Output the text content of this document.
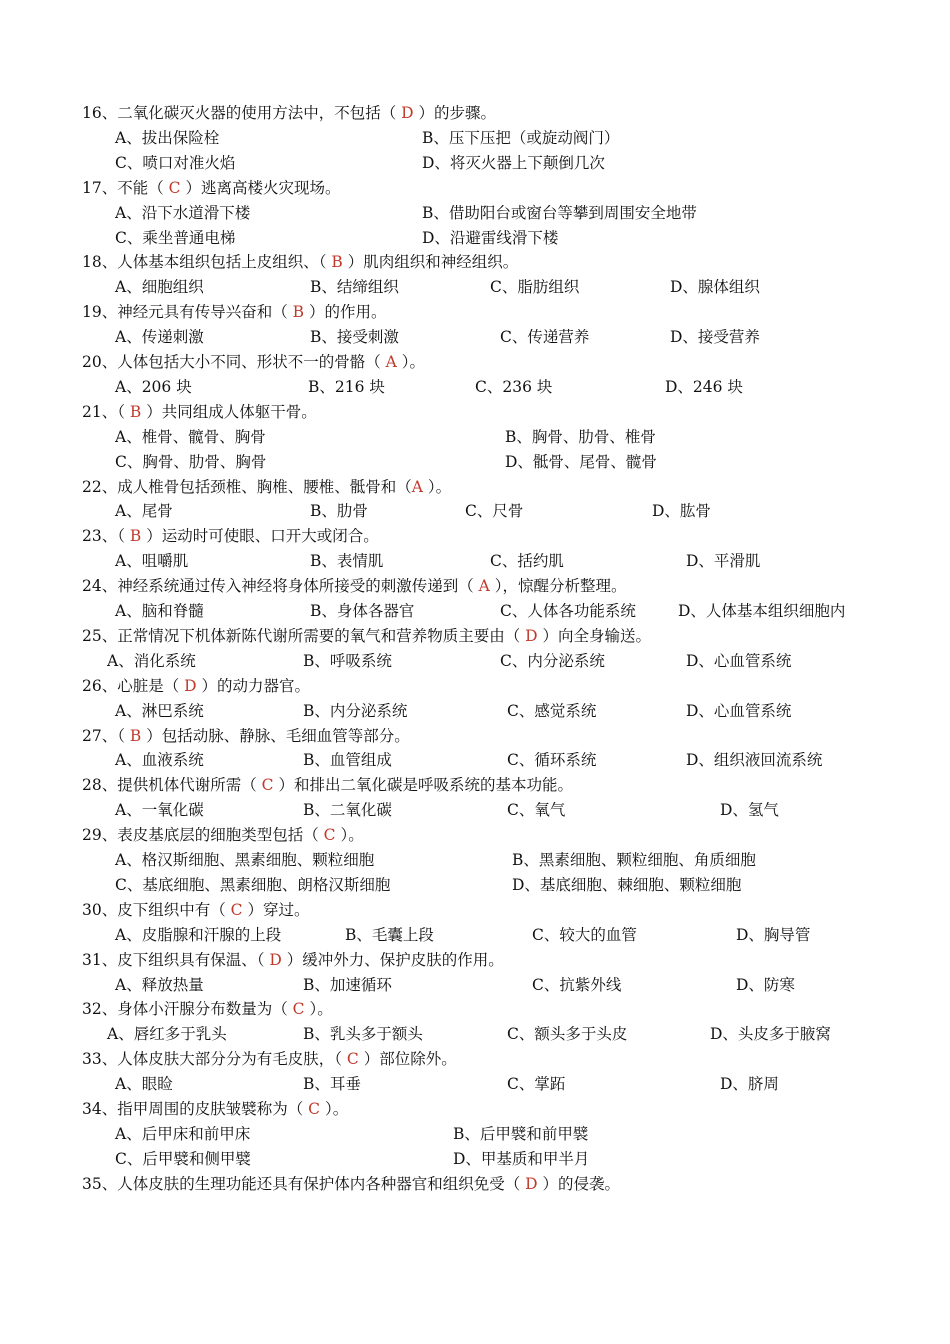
16、二氧化碳灭火器的使用方法中，不包括（ D ）的步骤。
A、拔出保险栓	B、压下压把（或旋动阀门）
C、喷口对准火焰	D、将灭火器上下颠倒几次
17、不能（ C ）逃离高楼火灾现场。
A、沿下水道滑下楼	B、借助阳台或窗台等攀到周围安全地带
C、乘坐普通电梯	D、沿避雷线滑下楼
18、人体基本组织包括上皮组织、（ B ）肌肉组织和神经组织。
A、细胞组织	B、结缔组织	C、脂肪组织	D、腺体组织
19、神经元具有传导兴奋和（ B ）的作用。
A、传递刺激	B、接受刺激	C、传递营养	D、接受营养
20、人体包括大小不同、形状不一的骨骼（ A ）。
A、206 块	B、216 块	C、236 块	D、246 块
21、（ B ）共同组成人体躯干骨。
A、椎骨、髋骨、胸骨	B、胸骨、肋骨、椎骨
C、胸骨、肋骨、胸骨	D、骶骨、尾骨、髋骨
22、成人椎骨包括颈椎、胸椎、腰椎、骶骨和（A ）。
A、尾骨	B、肋骨	C、尺骨	D、肱骨
23、（ B ）运动时可使眼、口开大或闭合。
A、咀嚼肌	B、表情肌	C、括约肌	D、平滑肌
24、神经系统通过传入神经将身体所接受的刺激传递到（ A ），惊醒分析整理。
A、脑和脊髓	B、身体各器官	C、人体各功能系统	D、人体基本组织细胞内
25、正常情况下机体新陈代谢所需要的氧气和营养物质主要由（ D ）向全身输送。
A、消化系统	B、呼吸系统	C、内分泌系统	D、心血管系统
26、心脏是（ D ）的动力器官。
A、淋巴系统	B、内分泌系统	C、感觉系统	D、心血管系统
27、（ B ）包括动脉、静脉、毛细血管等部分。
A、血液系统	B、血管组成	C、循环系统	D、组织液回流系统
28、提供机体代谢所需（ C ）和排出二氧化碳是呼吸系统的基本功能。
A、一氧化碳	B、二氧化碳	C、氧气	D、氢气
29、表皮基底层的细胞类型包括（ C ）。
A、格汉斯细胞、黑素细胞、颗粒细胞	B、黑素细胞、颗粒细胞、角质细胞
C、基底细胞、黑素细胞、朗格汉斯细胞	D、基底细胞、棘细胞、颗粒细胞
30、皮下组织中有（ C ）穿过。
A、皮脂腺和汗腺的上段	B、毛囊上段	C、较大的血管	D、胸导管
31、皮下组织具有保温、（ D ）缓冲外力、保护皮肤的作用。
A、释放热量	B、加速循环	C、抗紫外线	D、防寒
32、身体小汗腺分布数量为（ C ）。
A、唇红多于乳头	B、乳头多于额头	C、额头多于头皮	D、头皮多于腋窝
33、人体皮肤大部分分为有毛皮肤，（ C ）部位除外。
A、眼睑	B、耳垂	C、掌跖	D、脐周
34、指甲周围的皮肤皱襞称为（ C ）。
A、后甲床和前甲床	B、后甲襞和前甲襞
C、后甲襞和侧甲襞	D、甲基质和甲半月
35、人体皮肤的生理功能还具有保护体内各种器官和组织免受（ D ）的侵袭。
